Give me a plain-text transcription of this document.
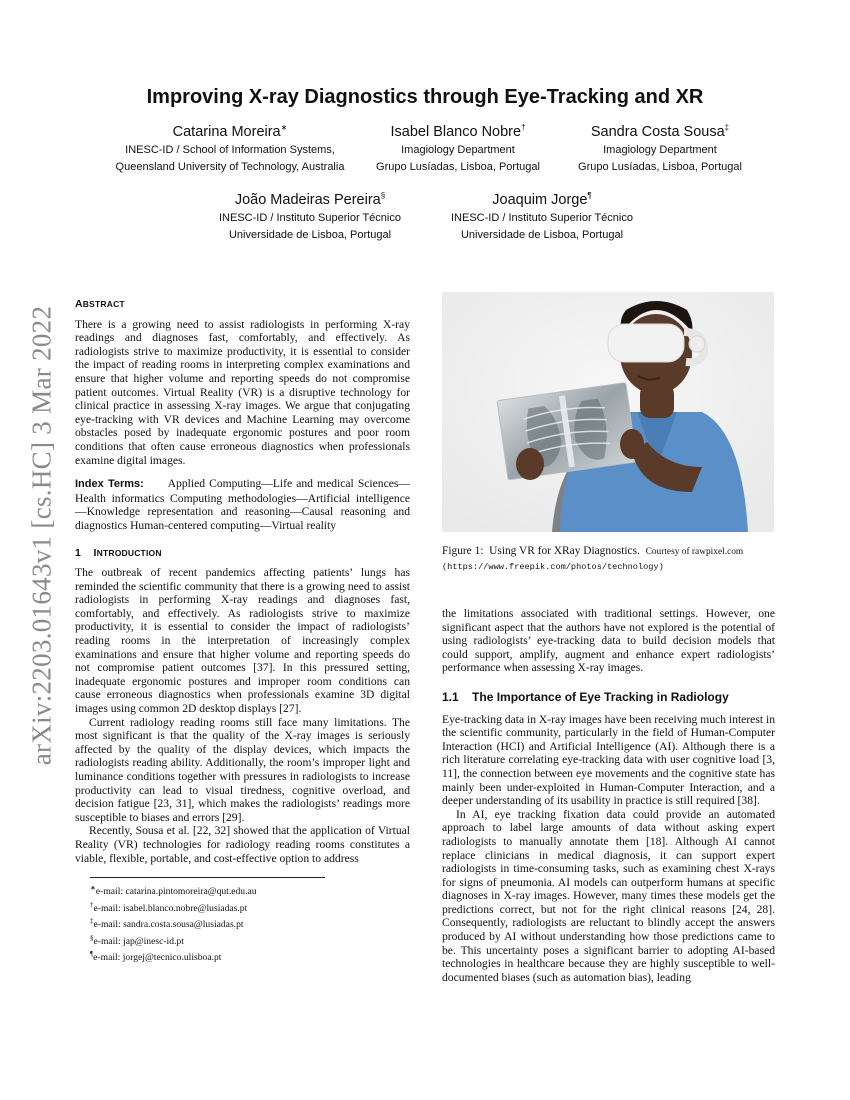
arXiv:2203.01643v1 [cs.HC] 3 Mar 2022
Improving X-ray Diagnostics through Eye-Tracking and XR
Catarina Moreira∗
INESC-ID / School of Information Systems,
Queensland University of Technology, Australia
Isabel Blanco Nobre†
Imagiology Department
Grupo Lusíadas, Lisboa, Portugal
Sandra Costa Sousa‡
Imagiology Department
Grupo Lusíadas, Lisboa, Portugal
João Madeiras Pereira§
INESC-ID / Instituto Superior Técnico
Universidade de Lisboa, Portugal
Joaquim Jorge¶
INESC-ID / Instituto Superior Técnico
Universidade de Lisboa, Portugal
ABSTRACT

There is a growing need to assist radiologists in performing X-ray readings and diagnoses fast, comfortably, and effectively. As radiologists strive to maximize productivity, it is essential to consider the impact of reading rooms in interpreting complex examinations and ensure that higher volume and reporting speeds do not compromise patient outcomes. Virtual Reality (VR) is a disruptive technology for clinical practice in assessing X-ray images. We argue that conjugating eye-tracking with VR devices and Machine Learning may overcome obstacles posed by inadequate ergonomic postures and poor room conditions that often cause erroneous diagnostics when professionals examine digital images.

Index Terms: Applied Computing—Life and medical Sciences—Health informatics Computing methodologies—Artificial intelligence—Knowledge representation and reasoning—Causal reasoning and diagnostics Human-centered computing—Virtual reality

1 INTRODUCTION

The outbreak of recent pandemics affecting patients’ lungs has reminded the scientific community that there is a growing need to assist radiologists in performing X-ray readings and diagnoses fast, comfortably, and effectively. As radiologists strive to maximize productivity, it is essential to consider the impact of radiologists’ reading rooms in the interpretation of increasingly complex examinations and ensure that higher volume and reporting speeds do not compromise patient outcomes [37]. In this pressured setting, inadequate ergonomic postures and improper room conditions can cause erroneous diagnostics when professionals examine 3D digital images using common 2D desktop displays [27].

Current radiology reading rooms still face many limitations. The most significant is that the quality of the X-ray images is seriously affected by the quality of the display devices, which impacts the radiologists reading ability. Additionally, the room’s improper light and luminance conditions together with pressures in radiologists to increase productivity can lead to visual tiredness, cognitive overload, and decision fatigue [23, 31], which makes the radiologists’ readings more susceptible to biases and errors [29].

Recently, Sousa et al. [22, 32] showed that the application of Virtual Reality (VR) technologies for radiology reading rooms constitutes a viable, flexible, portable, and cost-effective option to address

∗e-mail: catarina.pintomoreira@qut.edu.au
†e-mail: isabel.blanco.nobre@lusiadas.pt
‡e-mail: sandra.costa.sousa@lusiadas.pt
§e-mail: jap@inesc-id.pt
¶e-mail: jorgej@tecnico.ulisboa.pt
Figure 1: Using VR for XRay Diagnostics. Courtesy of rawpixel.com
(https://www.freepik.com/photos/technology)

the limitations associated with traditional settings. However, one significant aspect that the authors have not explored is the potential of using radiologists’ eye-tracking data to build decision models that could support, amplify, augment and enhance expert radiologists’ performance when assessing X-ray images.

1.1 The Importance of Eye Tracking in Radiology

Eye-tracking data in X-ray images have been receiving much interest in the scientific community, particularly in the field of Human-Computer Interaction (HCI) and Artificial Intelligence (AI). Although there is a rich literature correlating eye-tracking data with user cognitive load [3, 11], the connection between eye movements and the cognitive state has mainly been under-exploited in Human-Computer Interaction, and a deeper understanding of its usability in practice is still required [38].

In AI, eye tracking fixation data could provide an automated approach to label large amounts of data without asking expert radiologists to manually annotate them [18]. Although AI cannot replace clinicians in medical diagnosis, it can support expert radiologists in time-consuming tasks, such as examining chest X-rays for signs of pneumonia. AI models can outperform humans at specific diagnoses in X-ray images. However, many times these models get the predictions correct, but not for the right clinical reasons [24, 28]. Consequently, radiologists are reluctant to blindly accept the answers produced by AI without understanding how those predictions came to be. This uncertainty poses a significant barrier to adopting AI-based technologies in healthcare because they are highly susceptible to well-documented biases (such as automation bias), leading
